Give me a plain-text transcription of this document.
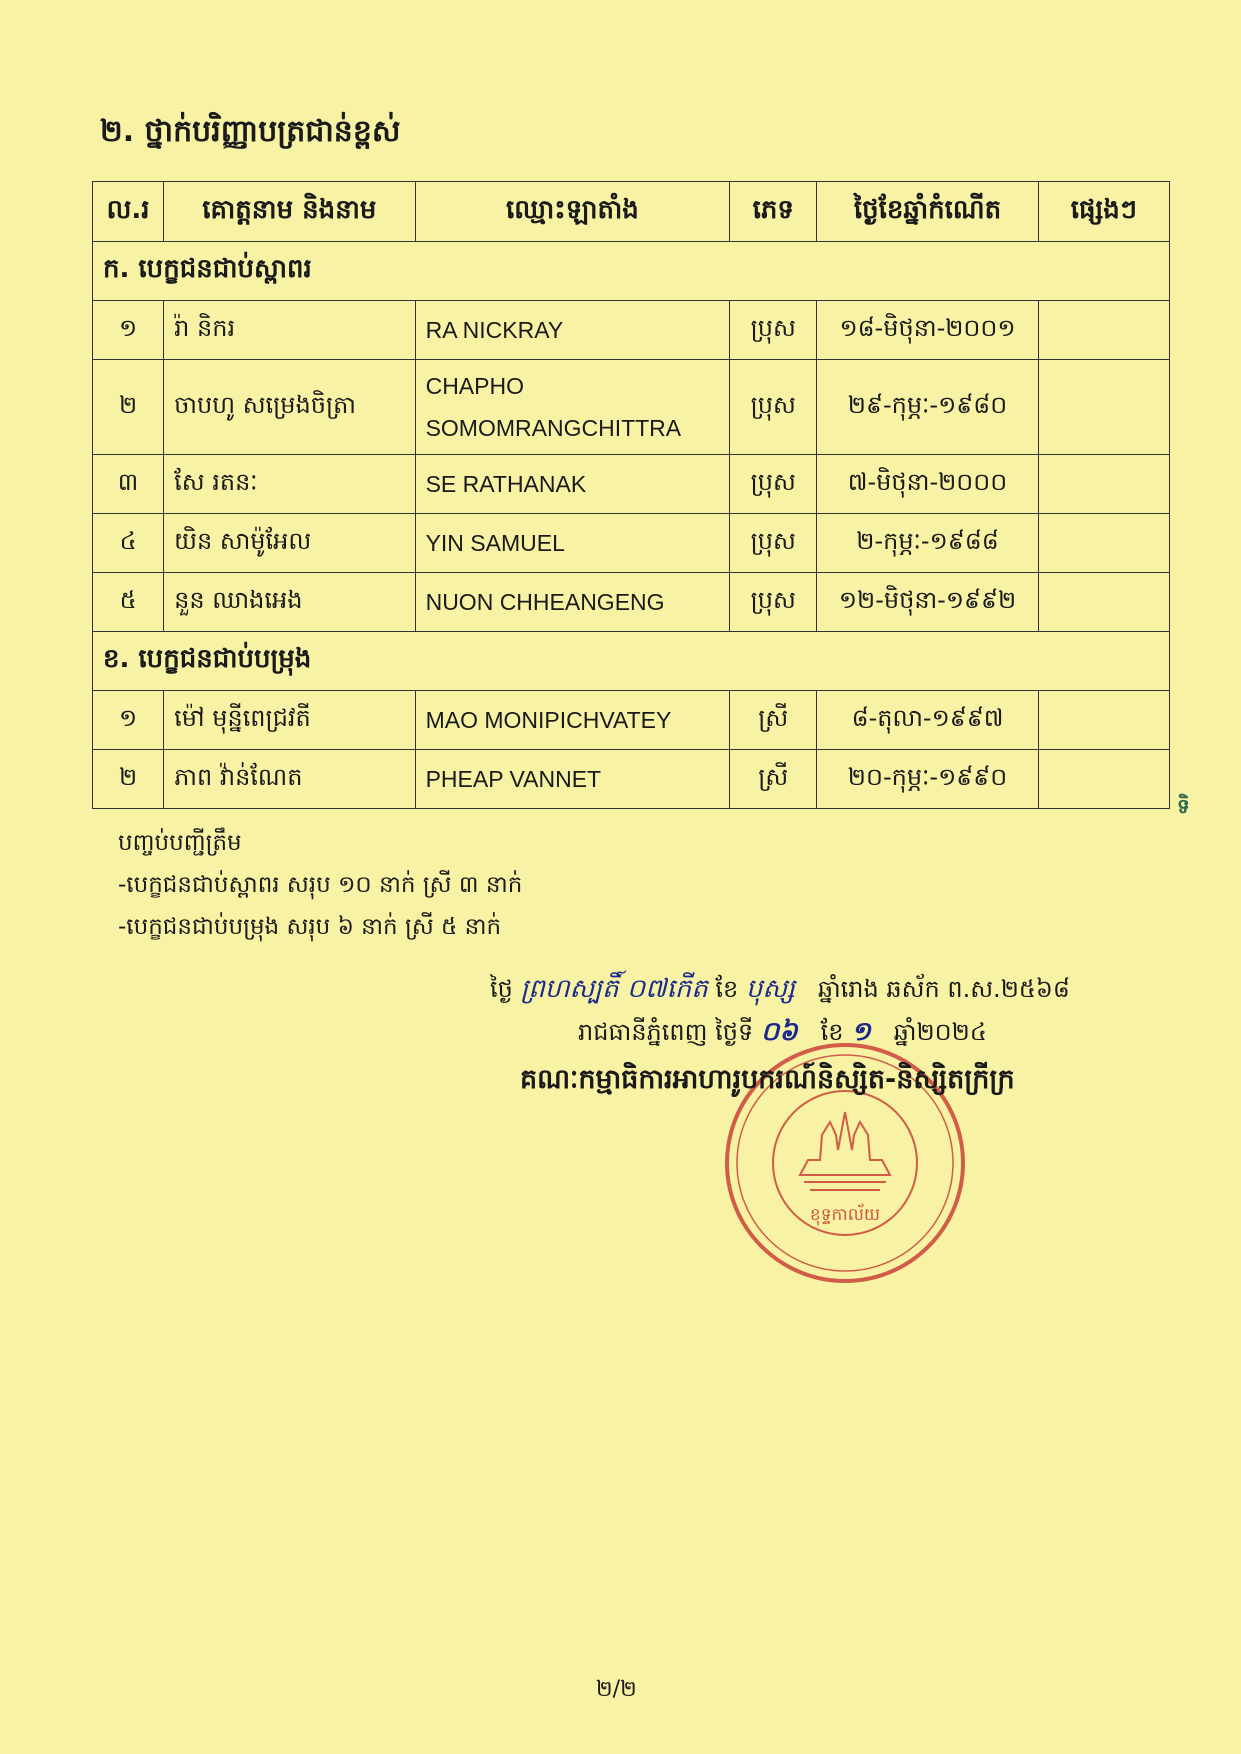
២. ថ្នាក់បរិញ្ញាបត្រជាន់ខ្ពស់
ល.រ	គោត្តនាម និងនាម	ឈ្មោះឡាតាំង	ភេទ	ថ្ងៃខែឆ្នាំកំណើត	ផ្សេងៗ
ក. បេក្ខជនជាប់ស្ពាពរ					
១	រ៉ា និករ	RA NICKRAY	ប្រុស	១៨-មិថុនា-២០០១	
២	ចាបហូ សម្រេងចិត្រា	CHAPHO
SOMOMRANGCHITTRA	ប្រុស	២៩-កុម្ភៈ-១៩៨០	
៣	សែ រតនៈ	SE RATHANAK	ប្រុស	៧-មិថុនា-២០០០	
៤	យិន សាម៉ូអែល	YIN SAMUEL	ប្រុស	២-កុម្ភៈ-១៩៨៨	
៥	នួន ឈាងអេង	NUON CHHEANGENG	ប្រុស	១២-មិថុនា-១៩៩២	
ខ. បេក្ខជនជាប់បម្រុង					
១	ម៉ៅ មុន្នីពេជ្រវតី	MAO MONIPICHVATEY	ស្រី	៨-តុលា-១៩៩៧	
២	ភាព វ៉ាន់ណែត	PHEAP VANNET	ស្រី	២០-កុម្ភៈ-១៩៩០	
ទិ
បញ្ចប់បញ្ជីត្រឹម
-បេក្ខជនជាប់ស្ពាពរ សរុប ១០ នាក់ ស្រី ៣ នាក់
-បេក្ខជនជាប់បម្រុង សរុប ៦ នាក់ ស្រី ៥ នាក់
ថ្ងៃ ព្រហស្បតិ៍ ០៧កើត ខែ បុស្ស ឆ្នាំរោង ឆស័ក ព.ស.២៥៦៨
រាជធានីភ្នំពេញ ថ្ងៃទី ០៦ ខែ ១ ឆ្នាំ២០២៤
ខុទ្ទកាល័យ
គណៈកម្មាធិការអាហារូបករណ៍និស្សិត-និស្សិតក្រីក្រ
២/២
